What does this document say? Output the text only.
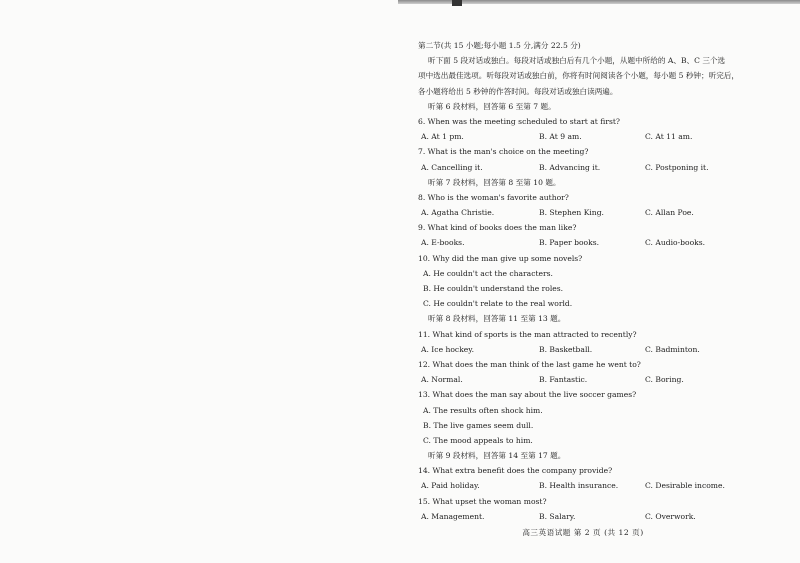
第二节(共 15 小题;每小题 1.5 分,满分 22.5 分)
听下面 5 段对话或独白。每段对话或独白后有几个小题，从题中所给的 A、B、C 三个选
项中选出最佳选项。听每段对话或独白前，你将有时间阅读各个小题，每小题 5 秒钟；听完后，
各小题将给出 5 秒钟的作答时间。每段对话或独白读两遍。
听第 6 段材料，回答第 6 至第 7 题。
6. When was the meeting scheduled to start at first?
A. At 1 pm.	B. At 9 am.	C. At 11 am.
7. What is the man's choice on the meeting?
A. Cancelling it.	B. Advancing it.	C. Postponing it.
听第 7 段材料，回答第 8 至第 10 题。
8. Who is the woman's favorite author?
A. Agatha Christie.	B. Stephen King.	C. Allan Poe.
9. What kind of books does the man like?
A. E-books.	B. Paper books.	C. Audio-books.
10. Why did the man give up some novels?
A. He couldn't act the characters.
B. He couldn't understand the roles.
C. He couldn't relate to the real world.
听第 8 段材料，回答第 11 至第 13 题。
11. What kind of sports is the man attracted to recently?
A. Ice hockey.	B. Basketball.	C. Badminton.
12. What does the man think of the last game he went to?
A. Normal.	B. Fantastic.	C. Boring.
13. What does the man say about the live soccer games?
A. The results often shock him.
B. The live games seem dull.
C. The mood appeals to him.
听第 9 段材料，回答第 14 至第 17 题。
14. What extra benefit does the company provide?
A. Paid holiday.	B. Health insurance.	C. Desirable income.
15. What upset the woman most?
A. Management.	B. Salary.	C. Overwork.
高三英语试题 第 2 页 (共 12 页)
